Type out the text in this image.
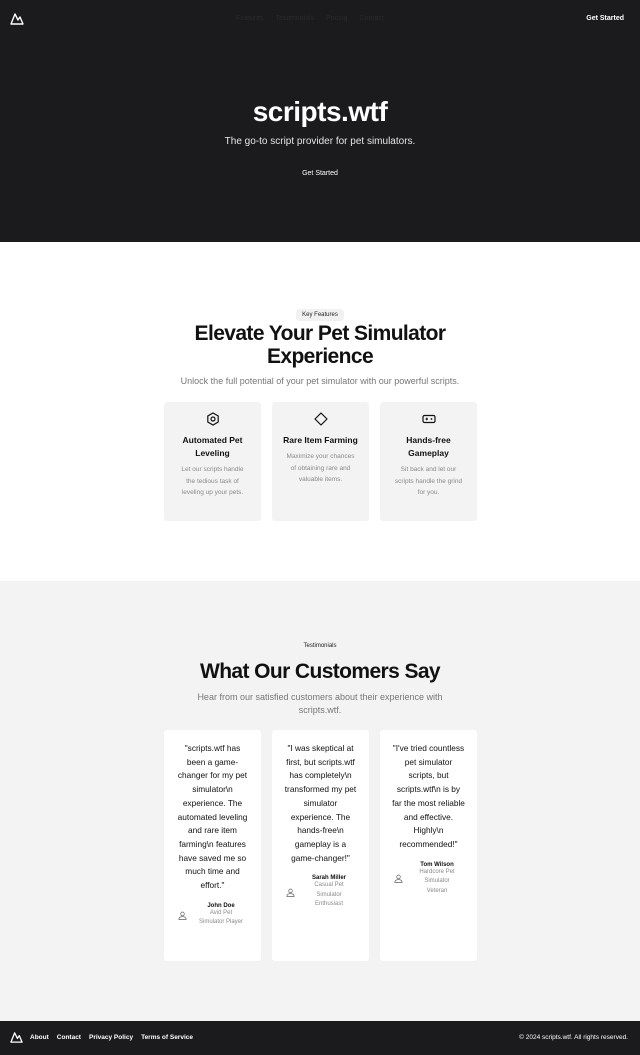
Features Testimonials Pricing Contact	Get Started
scripts.wtf

The go-to script provider for pet simulators.

Get Started
Key Features
Elevate Your Pet Simulator
Experience

Unlock the full potential of your pet simulator with our powerful scripts.

Automated Pet Leveling
Let our scripts handle the tedious task of leveling up your pets.
Rare Item Farming
Maximize your chances of obtaining rare and valuable items.
Hands-free Gameplay
Sit back and let our scripts handle the grind for you.
Testimonials
What Our Customers Say

Hear from our satisfied customers about their experience with
scripts.wtf.

"scripts.wtf has been a game-changer for my pet simulator\n experience. The automated leveling and rare item farming\n features have saved me so much time and effort."

John Doe
Avid Pet Simulator Player

"I was skeptical at first, but scripts.wtf has completely\n transformed my pet simulator experience. The hands-free\n gameplay is a game-changer!"

Sarah Miller
Casual Pet Simulator Enthusiast

"I've tried countless pet simulator scripts, but scripts.wtf\n is by far the most reliable and effective. Highly\n recommended!"

Tom Wilson
Hardcore Pet Simulator Veteran
About Contact Privacy Policy Terms of Service	© 2024 scripts.wtf. All rights reserved.
